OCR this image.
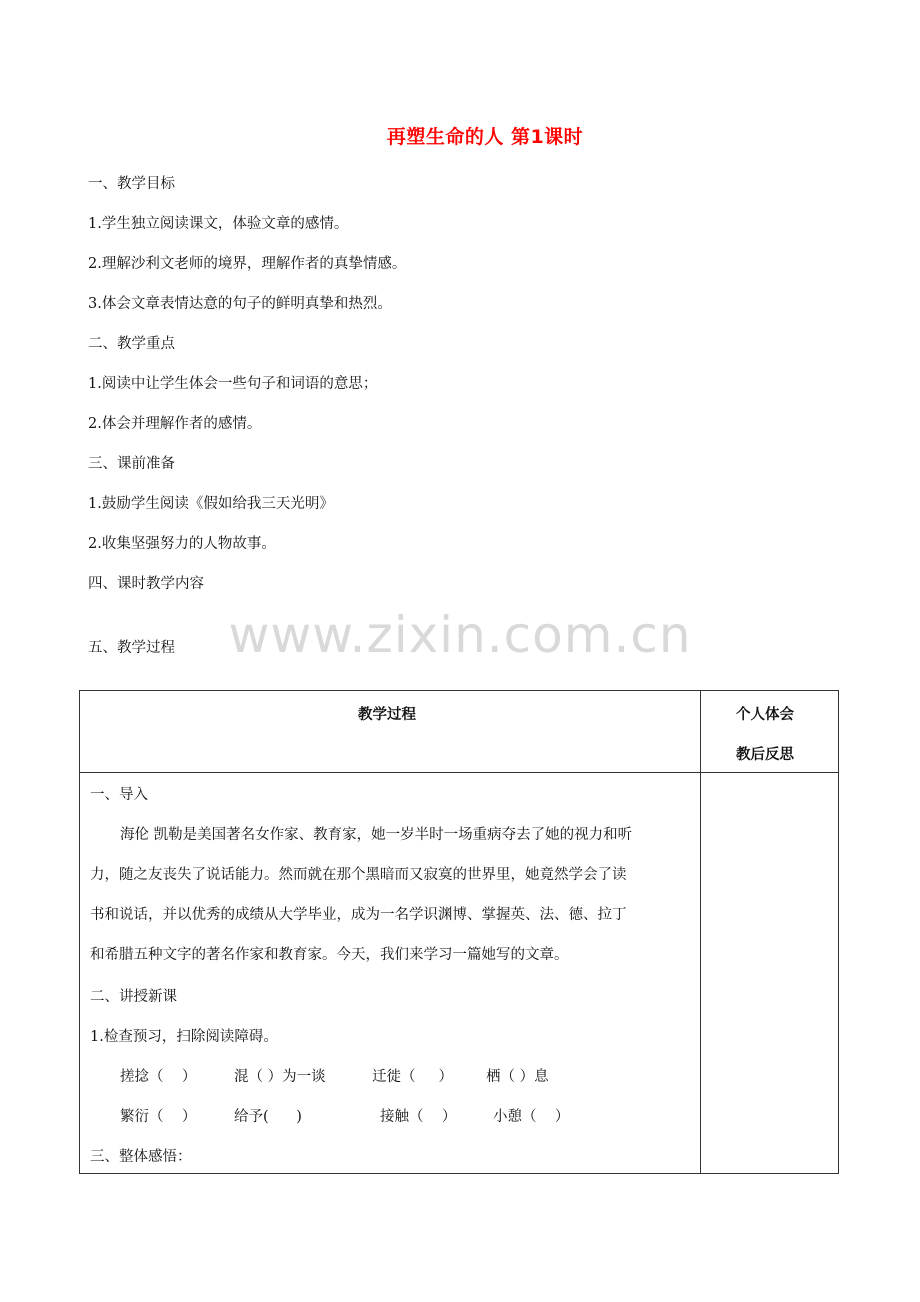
再塑生命的人 第1课时
一、教学目标
1.学生独立阅读课文，体验文章的感情。
2.理解沙利文老师的境界，理解作者的真挚情感。
3.体会文章表情达意的句子的鲜明真挚和热烈。
二、教学重点
1.阅读中让学生体会一些句子和词语的意思；
2.体会并理解作者的感情。
三、课前准备
1.鼓励学生阅读《假如给我三天光明》
2.收集坚强努力的人物故事。
四、课时教学内容
五、教学过程	www.zixin.com.cn
教学过程	个人体会
教后反思
一、导入
海伦 凯勒是美国著名女作家、教育家，她一岁半时一场重病夺去了她的视力和听
力，随之友丧失了说话能力。然而就在那个黑暗而又寂寞的世界里，她竟然学会了读
书和说话，并以优秀的成绩从大学毕业，成为一名学识渊博、掌握英、法、德、拉丁
和希腊五种文字的著名作家和教育家。今天，我们来学习一篇她写的文章。
二、讲授新课
1.检查预习，扫除阅读障碍。
搓捻（    ）	混（ ）为一谈	迁徙（     ） 栖（ ）息
繁衍（    ）	给予(      )	接触（    ）	小憩（    ）
三、整体感悟：
